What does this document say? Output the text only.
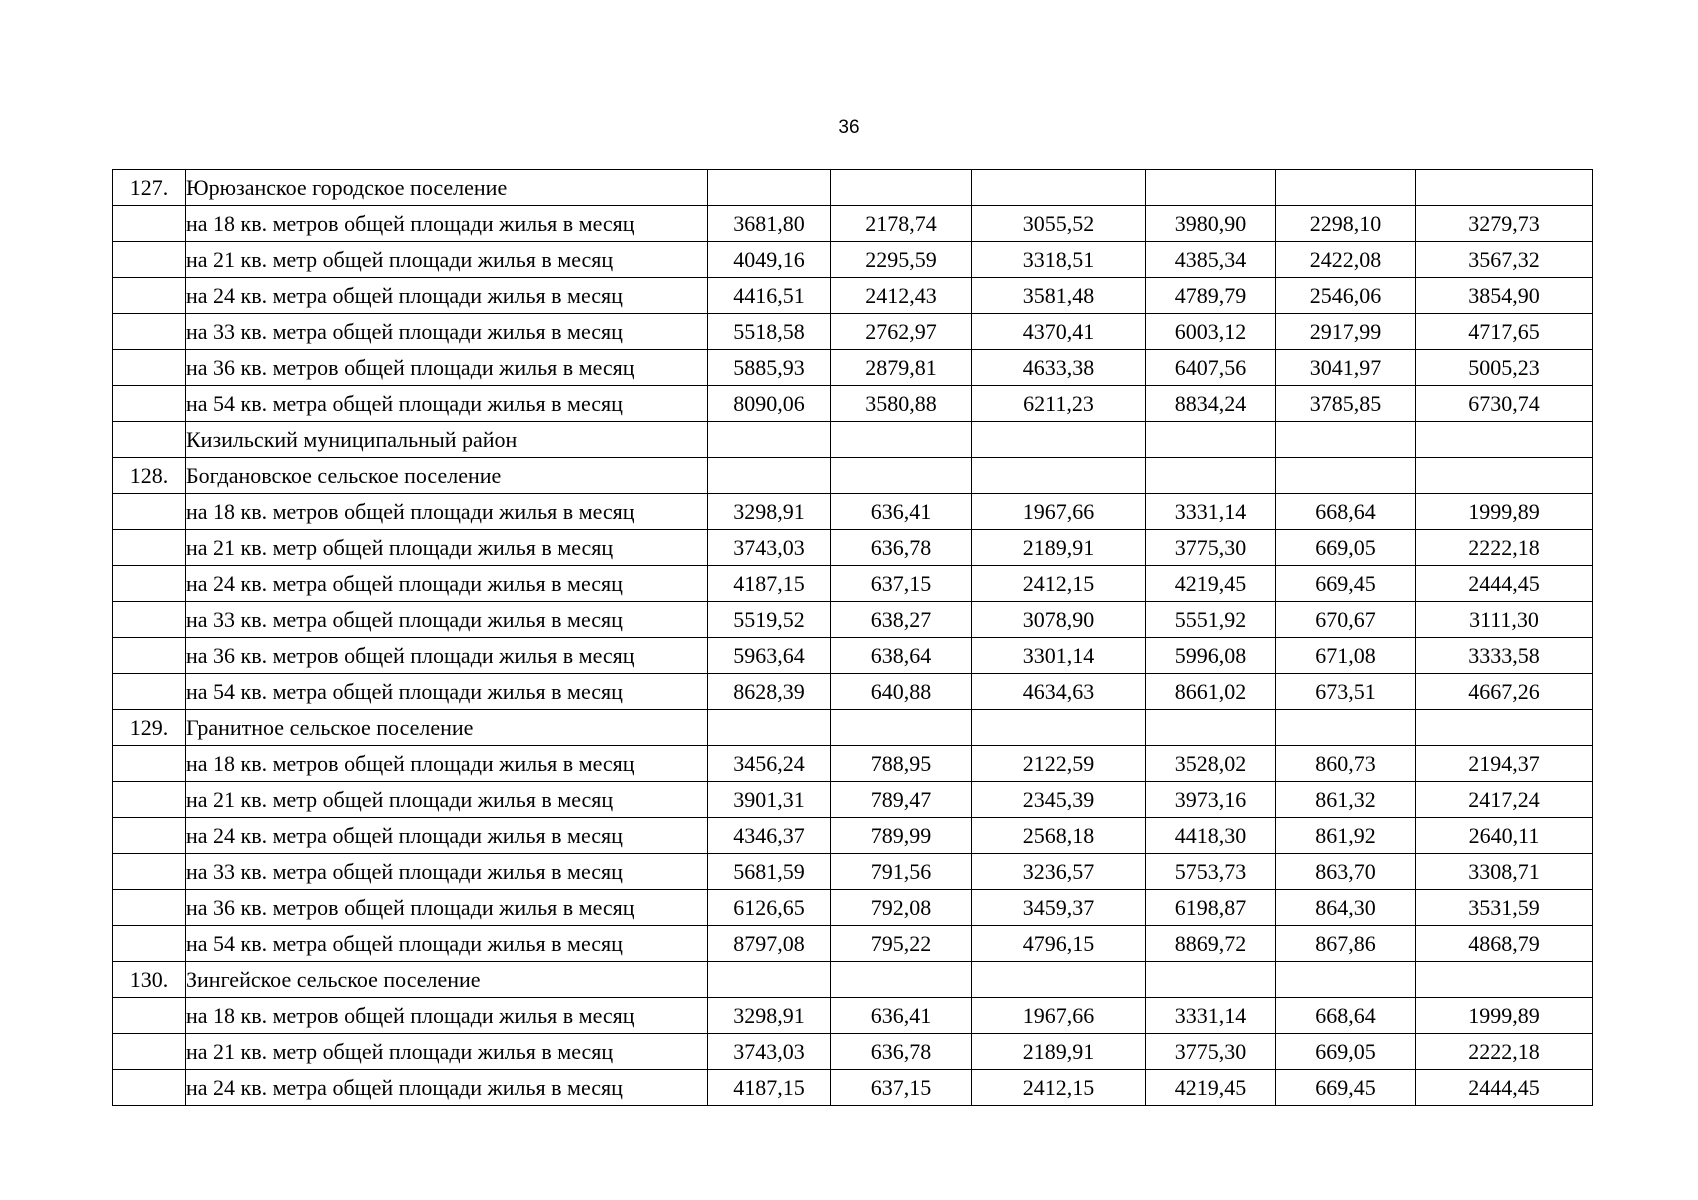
36
127.	Юрюзанское городское поселение						
	на 18 кв. метров общей площади жилья в месяц	3681,80	2178,74	3055,52	3980,90	2298,10	3279,73
	на 21 кв. метр общей площади жилья в месяц	4049,16	2295,59	3318,51	4385,34	2422,08	3567,32
	на 24 кв. метра общей площади жилья в месяц	4416,51	2412,43	3581,48	4789,79	2546,06	3854,90
	на 33 кв. метра общей площади жилья в месяц	5518,58	2762,97	4370,41	6003,12	2917,99	4717,65
	на 36 кв. метров общей площади жилья в месяц	5885,93	2879,81	4633,38	6407,56	3041,97	5005,23
	на 54 кв. метра общей площади жилья в месяц	8090,06	3580,88	6211,23	8834,24	3785,85	6730,74
	Кизильский муниципальный район						
128.	Богдановское сельское поселение						
	на 18 кв. метров общей площади жилья в месяц	3298,91	636,41	1967,66	3331,14	668,64	1999,89
	на 21 кв. метр общей площади жилья в месяц	3743,03	636,78	2189,91	3775,30	669,05	2222,18
	на 24 кв. метра общей площади жилья в месяц	4187,15	637,15	2412,15	4219,45	669,45	2444,45
	на 33 кв. метра общей площади жилья в месяц	5519,52	638,27	3078,90	5551,92	670,67	3111,30
	на 36 кв. метров общей площади жилья в месяц	5963,64	638,64	3301,14	5996,08	671,08	3333,58
	на 54 кв. метра общей площади жилья в месяц	8628,39	640,88	4634,63	8661,02	673,51	4667,26
129.	Гранитное сельское поселение						
	на 18 кв. метров общей площади жилья в месяц	3456,24	788,95	2122,59	3528,02	860,73	2194,37
	на 21 кв. метр общей площади жилья в месяц	3901,31	789,47	2345,39	3973,16	861,32	2417,24
	на 24 кв. метра общей площади жилья в месяц	4346,37	789,99	2568,18	4418,30	861,92	2640,11
	на 33 кв. метра общей площади жилья в месяц	5681,59	791,56	3236,57	5753,73	863,70	3308,71
	на 36 кв. метров общей площади жилья в месяц	6126,65	792,08	3459,37	6198,87	864,30	3531,59
	на 54 кв. метра общей площади жилья в месяц	8797,08	795,22	4796,15	8869,72	867,86	4868,79
130.	Зингейское сельское поселение						
	на 18 кв. метров общей площади жилья в месяц	3298,91	636,41	1967,66	3331,14	668,64	1999,89
	на 21 кв. метр общей площади жилья в месяц	3743,03	636,78	2189,91	3775,30	669,05	2222,18
	на 24 кв. метра общей площади жилья в месяц	4187,15	637,15	2412,15	4219,45	669,45	2444,45
